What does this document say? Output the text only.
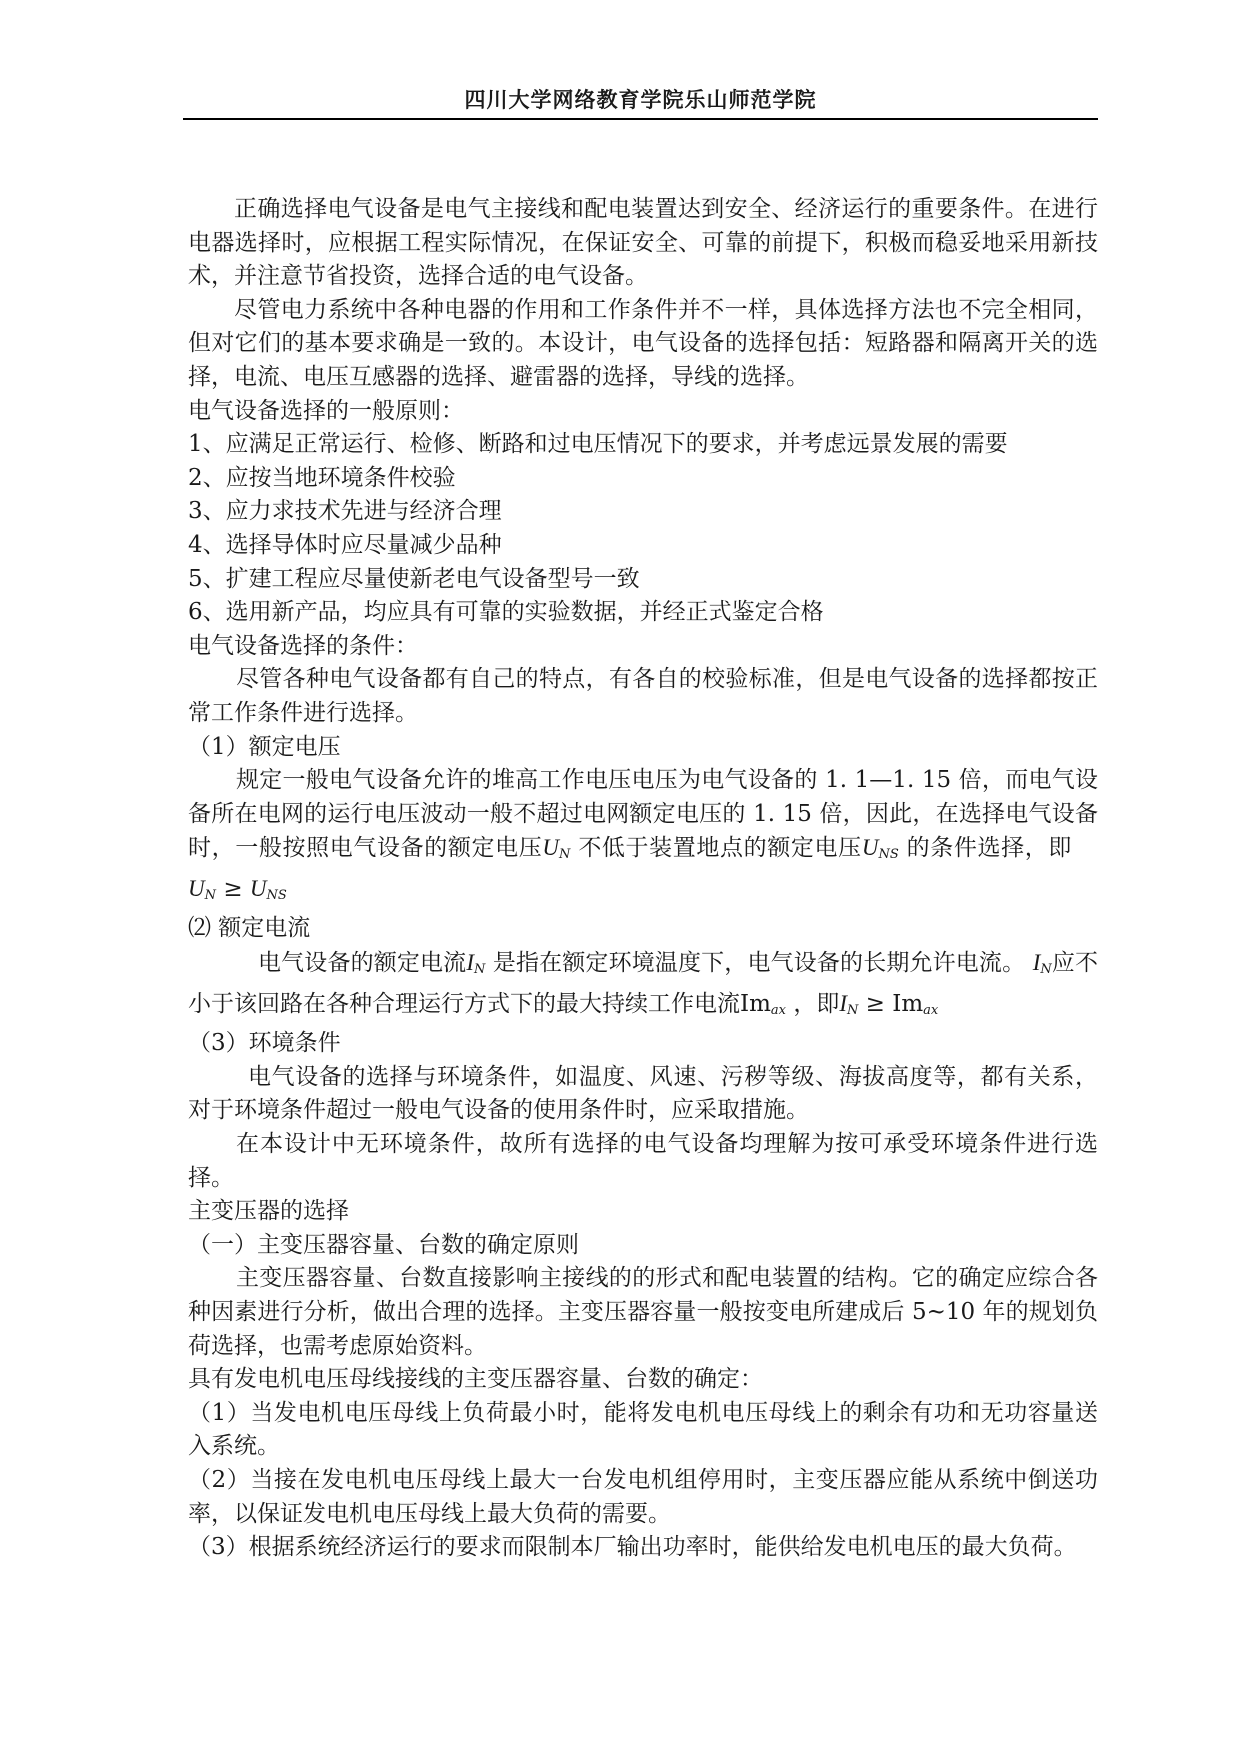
四川大学网络教育学院乐山师范学院

正确选择电气设备是电气主接线和配电装置达到安全、经济运行的重要条件。在进行电器选择时，应根据工程实际情况，在保证安全、可靠的前提下，积极而稳妥地采用新技术，并注意节省投资，选择合适的电气设备。

尽管电力系统中各种电器的作用和工作条件并不一样，具体选择方法也不完全相同，但对它们的基本要求确是一致的。本设计，电气设备的选择包括：短路器和隔离开关的选择，电流、电压互感器的选择、避雷器的选择，导线的选择。

电气设备选择的一般原则：

1、应满足正常运行、检修、断路和过电压情况下的要求，并考虑远景发展的需要

2、应按当地环境条件校验

3、应力求技术先进与经济合理

4、选择导体时应尽量减少品种

5、扩建工程应尽量使新老电气设备型号一致

6、选用新产品，均应具有可靠的实验数据，并经正式鉴定合格

电气设备选择的条件：

尽管各种电气设备都有自己的特点，有各自的校验标准，但是电气设备的选择都按正常工作条件进行选择。

（1）额定电压

规定一般电气设备允许的堆高工作电压电压为电气设备的 1. 1—1. 15 倍，而电气设备所在电网的运行电压波动一般不超过电网额定电压的 1. 15 倍，因此，在选择电气设备时，一般按照电气设备的额定电压$U_N$ 不低于装置地点的额定电压$U_{NS}$ 的条件选择，即$U_N \ge U_{NS}$

⑵ 额定电流

电气设备的额定电流$I_N$ 是指在额定环境温度下，电气设备的长期允许电流。 $I_N$应不小于该回路在各种合理运行方式下的最大持续工作电流$Im_{ax}$ ，即$I_N \ge Im_{ax}$

（3）环境条件

电气设备的选择与环境条件，如温度、风速、污秽等级、海拔高度等，都有关系，对于环境条件超过一般电气设备的使用条件时，应采取措施。

在本设计中无环境条件，故所有选择的电气设备均理解为按可承受环境条件进行选择。

主变压器的选择

（一）主变压器容量、台数的确定原则

主变压器容量、台数直接影响主接线的的形式和配电装置的结构。它的确定应综合各种因素进行分析，做出合理的选择。主变压器容量一般按变电所建成后 5~10 年的规划负荷选择，也需考虑原始资料。

具有发电机电压母线接线的主变压器容量、台数的确定：

（1）当发电机电压母线上负荷最小时，能将发电机电压母线上的剩余有功和无功容量送入系统。

（2）当接在发电机电压母线上最大一台发电机组停用时，主变压器应能从系统中倒送功率，以保证发电机电压母线上最大负荷的需要。

（3）根据系统经济运行的要求而限制本厂输出功率时，能供给发电机电压的最大负荷。
